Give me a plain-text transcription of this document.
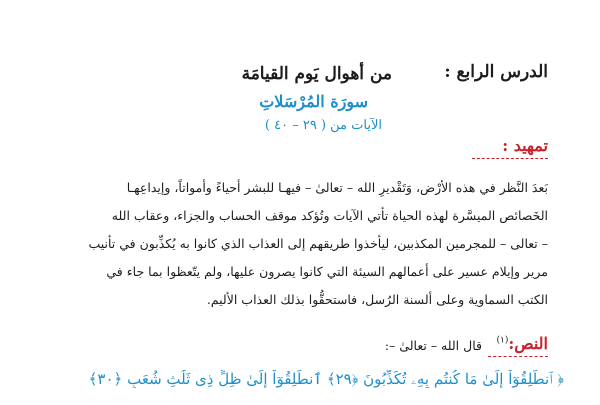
الدرس الرابع :
من أهوال يَوم القيامَة
سورَة المُرْسَلاتِ
الآيات من ( ٢٩ – ٤٠ )
تمهيد :
بَعدَ النَّظر في هذه الأرْض، وَتَقْديرِ الله – تعالىٰ – فيهـا للبشر أحياءً وأمواتاً، وإيداعِهـا
الخَصائص الميسَّرة لهذه الحياة تأتي الآيات وتُؤكد موقف الحساب والجزاء، وعقاب الله
– تعالى – للمجرمين المكذبين، ليأخذوا طريقهم إلى العذاب الذي كانوا به يُكذِّبون في تأنيب
مرير وإيلام عسير على أعمالهم السيئة التي كانوا يصرون عليها، ولم يتّعظوا بما جاء في
الكتب السماوية وعلى ألسنة الرُسل، فاستحقُّوا بذلك العذاب الأليم.
النص:$^{(١)}$
قال الله – تعالىٰ –:
﴿ ٱنطَلِقُوٓاْ إِلَىٰ مَا كُنتُم بِهِۦ تُكَذِّبُونَ ﴿٢٩﴾ ٱنطَلِقُوٓاْ إِلَىٰ ظِلٍّ ذِى ثَلَٰثِ شُعَبٍ ﴿٣٠﴾
